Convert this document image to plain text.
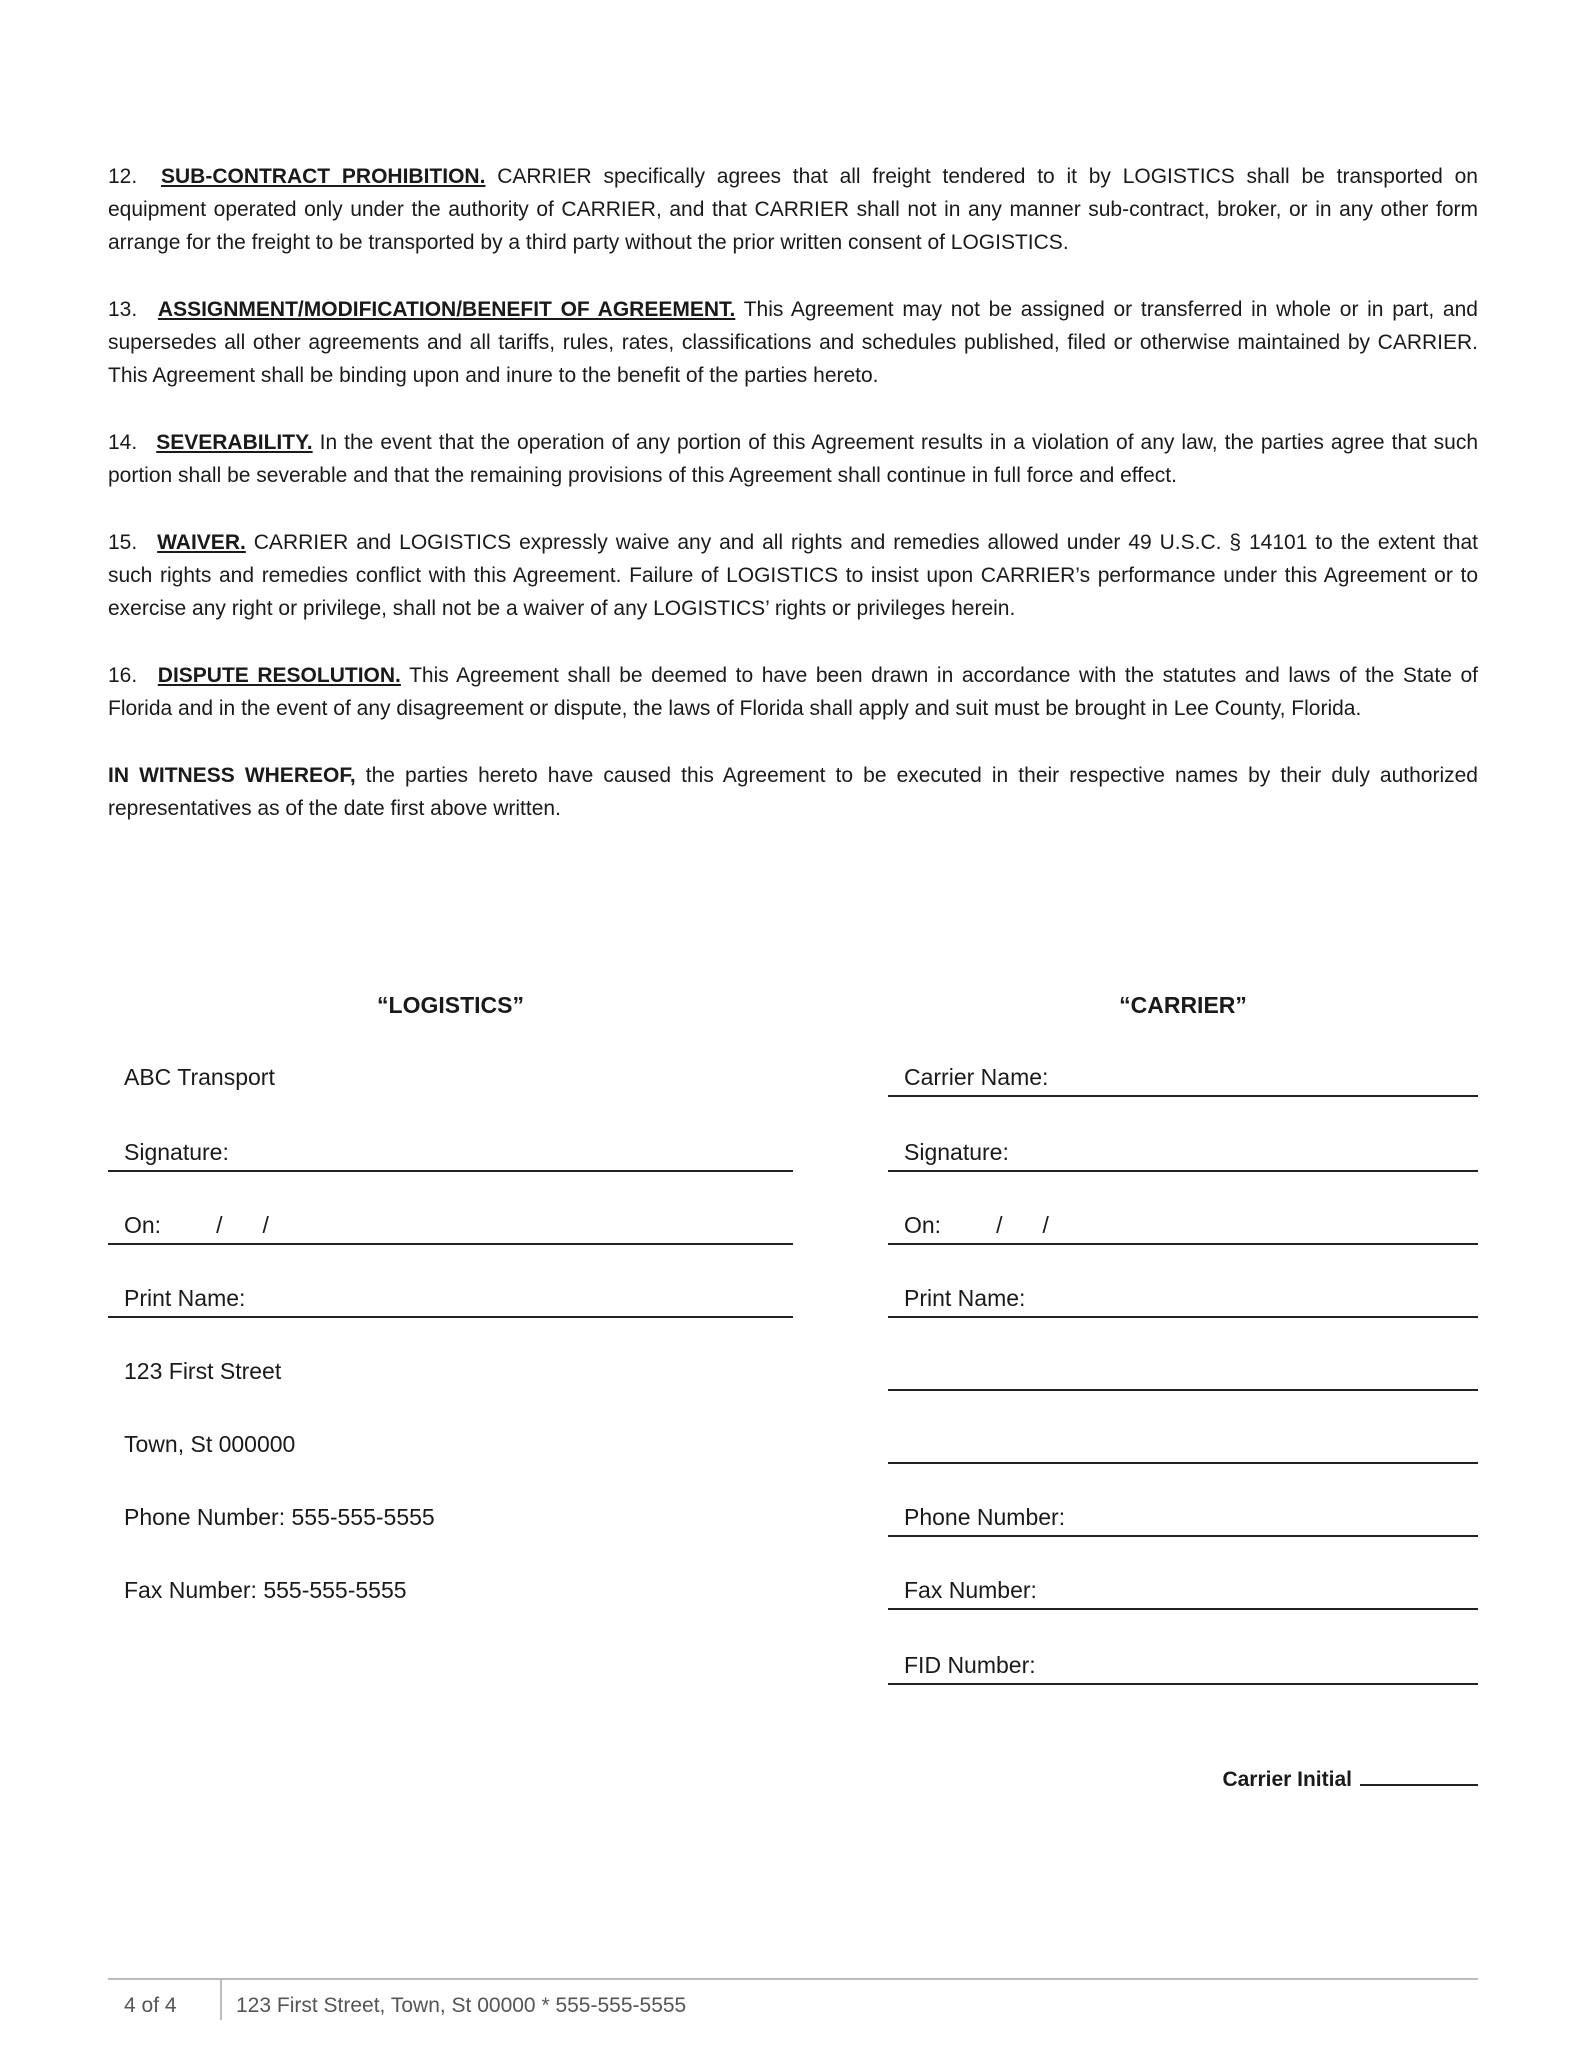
12. SUB-CONTRACT PROHIBITION. CARRIER specifically agrees that all freight tendered to it by LOGISTICS shall be transported on equipment operated only under the authority of CARRIER, and that CARRIER shall not in any manner sub-contract, broker, or in any other form arrange for the freight to be transported by a third party without the prior written consent of LOGISTICS.

13. ASSIGNMENT/MODIFICATION/BENEFIT OF AGREEMENT. This Agreement may not be assigned or transferred in whole or in part, and supersedes all other agreements and all tariffs, rules, rates, classifications and schedules published, filed or otherwise maintained by CARRIER. This Agreement shall be binding upon and inure to the benefit of the parties hereto.

14. SEVERABILITY. In the event that the operation of any portion of this Agreement results in a violation of any law, the parties agree that such portion shall be severable and that the remaining provisions of this Agreement shall continue in full force and effect.

15. WAIVER. CARRIER and LOGISTICS expressly waive any and all rights and remedies allowed under 49 U.S.C. § 14101 to the extent that such rights and remedies conflict with this Agreement. Failure of LOGISTICS to insist upon CARRIER’s performance under this Agreement or to exercise any right or privilege, shall not be a waiver of any LOGISTICS’ rights or privileges herein.

16. DISPUTE RESOLUTION. This Agreement shall be deemed to have been drawn in accordance with the statutes and laws of the State of Florida and in the event of any disagreement or dispute, the laws of Florida shall apply and suit must be brought in Lee County, Florida.

IN WITNESS WHEREOF, the parties hereto have caused this Agreement to be executed in their respective names by their duly authorized representatives as of the date first above written.

“LOGISTICS”
ABC Transport
Signature:
On: / /
Print Name:
123 First Street
Town, St 000000
Phone Number: 555-555-5555
Fax Number: 555-555-5555
“CARRIER”
Carrier Name:
Signature:
On: / /
Print Name:
Phone Number:
Fax Number:
FID Number:
Carrier Initial
4 of 4	123 First Street, Town, St 00000 * 555-555-5555
